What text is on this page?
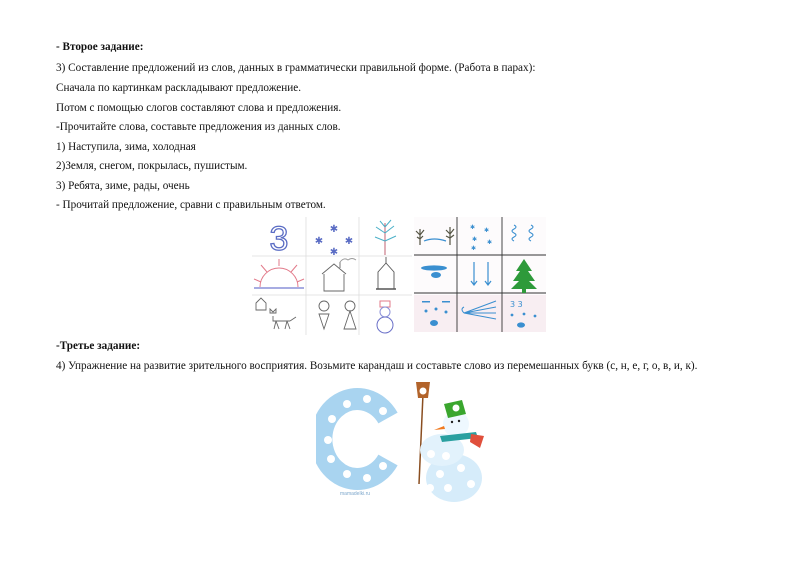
- Второе задание:
3) Составление предложений из слов, данных в грамматически правильной форме. (Работа в парах):
Сначала по картинкам раскладывают предложение.
Потом с помощью слогов составляют слова и предложения.
-Прочитайте слова, составьте предложения из данных слов.
1) Наступила, зима, холодная
2)Земля, снегом, покрылась, пушистым.
3) Ребята, зиме, рады, очень
- Прочитай предложение, сравни с правильным ответом.
3	✱
✱ ✱
✱
✱ ✱
✱ ✱
✱
3 3
-Третье задание:
4) Упражнение на развитие зрительного восприятия. Возьмите карандаш и составьте слово из перемешанных букв (с, н, е, г, о, в, и, к).
mamadelki.ru
